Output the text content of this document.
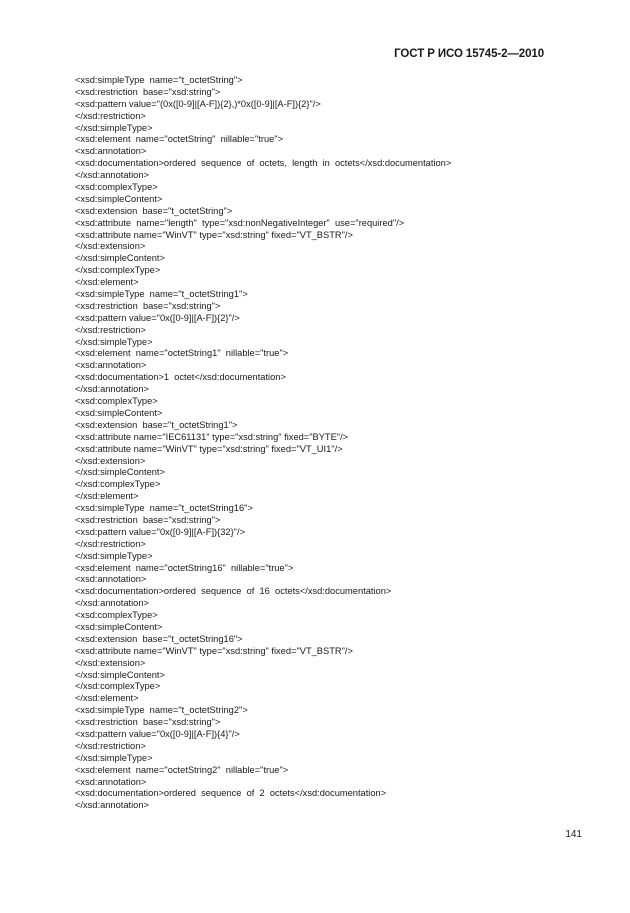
ГОСТ Р ИСО 15745-2—2010
<xsd:simpleType  name="t_octetString">
<xsd:restriction  base="xsd:string">
<xsd:pattern value="(0x([0-9]|[A-F]){2},)*0x([0-9]|[A-F]){2}"/>
</xsd:restriction>
</xsd:simpleType>
<xsd:element  name="octetString"  nillable="true">
<xsd:annotation>
<xsd:documentation>ordered  sequence  of  octets,  length  in  octets</xsd:documentation>
</xsd:annotation>
<xsd:complexType>
<xsd:simpleContent>
<xsd:extension  base="t_octetString">
<xsd:attribute  name="length"  type="xsd:nonNegativeInteger"  use="required"/>
<xsd:attribute name="WinVT" type="xsd:string" fixed="VT_BSTR"/>
</xsd:extension>
</xsd:simpleContent>
</xsd:complexType>
</xsd:element>
<xsd:simpleType  name="t_octetString1">
<xsd:restriction  base="xsd:string">
<xsd:pattern value="0x([0-9]|[A-F]){2}"/>
</xsd:restriction>
</xsd:simpleType>
<xsd:element  name="octetString1"  nillable="true">
<xsd:annotation>
<xsd:documentation>1  octet</xsd:documentation>
</xsd:annotation>
<xsd:complexType>
<xsd:simpleContent>
<xsd:extension  base="t_octetString1">
<xsd:attribute name="IEC61131" type="xsd:string" fixed="BYTE"/>
<xsd:attribute name="WinVT" type="xsd:string" fixed="VT_UI1"/>
</xsd:extension>
</xsd:simpleContent>
</xsd:complexType>
</xsd:element>
<xsd:simpleType  name="t_octetString16">
<xsd:restriction  base="xsd:string">
<xsd:pattern value="0x([0-9]|[A-F]){32}"/>
</xsd:restriction>
</xsd:simpleType>
<xsd:element  name="octetString16"  nillable="true">
<xsd:annotation>
<xsd:documentation>ordered  sequence  of  16  octets</xsd:documentation>
</xsd:annotation>
<xsd:complexType>
<xsd:simpleContent>
<xsd:extension  base="t_octetString16">
<xsd:attribute name="WinVT" type="xsd:string" fixed="VT_BSTR"/>
</xsd:extension>
</xsd:simpleContent>
</xsd:complexType>
</xsd:element>
<xsd:simpleType  name="t_octetString2">
<xsd:restriction  base="xsd:string">
<xsd:pattern value="0x([0-9]|[A-F]){4}"/>
</xsd:restriction>
</xsd:simpleType>
<xsd:element  name="octetString2"  nillable="true">
<xsd:annotation>
<xsd:documentation>ordered  sequence  of  2  octets</xsd:documentation>
</xsd:annotation>
141
